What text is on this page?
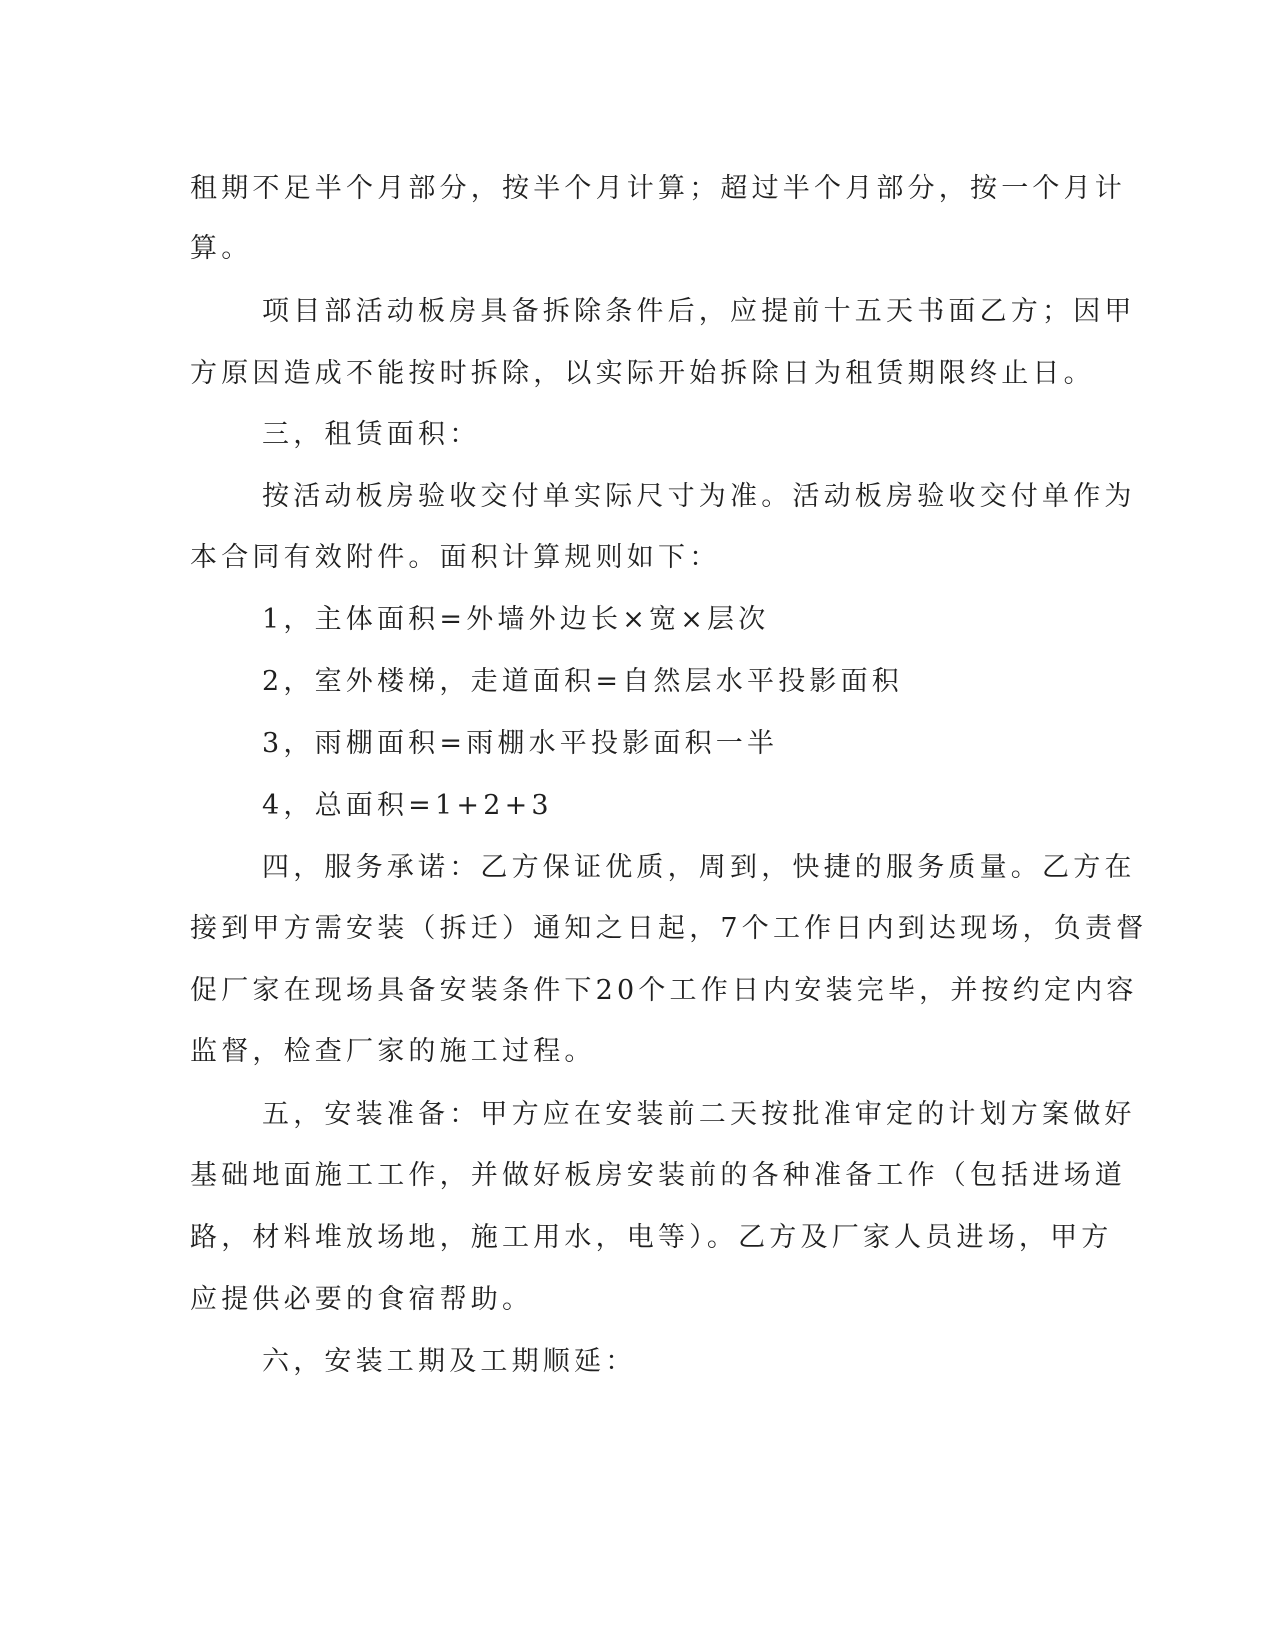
租期不足半个月部分，按半个月计算；超过半个月部分，按一个月计
算。
项目部活动板房具备拆除条件后，应提前十五天书面乙方；因甲
方原因造成不能按时拆除，以实际开始拆除日为租赁期限终止日。
三，租赁面积：
按活动板房验收交付单实际尺寸为准。活动板房验收交付单作为
本合同有效附件。面积计算规则如下：
1，主体面积=外墙外边长×宽×层次
2，室外楼梯，走道面积=自然层水平投影面积
3，雨棚面积=雨棚水平投影面积一半
4，总面积=1+2+3
四，服务承诺：乙方保证优质，周到，快捷的服务质量。乙方在
接到甲方需安装（拆迁）通知之日起，7个工作日内到达现场，负责督
促厂家在现场具备安装条件下20个工作日内安装完毕，并按约定内容
监督，检查厂家的施工过程。
五，安装准备：甲方应在安装前二天按批准审定的计划方案做好
基础地面施工工作，并做好板房安装前的各种准备工作（包括进场道
路，材料堆放场地，施工用水，电等）。乙方及厂家人员进场，甲方
应提供必要的食宿帮助。
六，安装工期及工期顺延：
